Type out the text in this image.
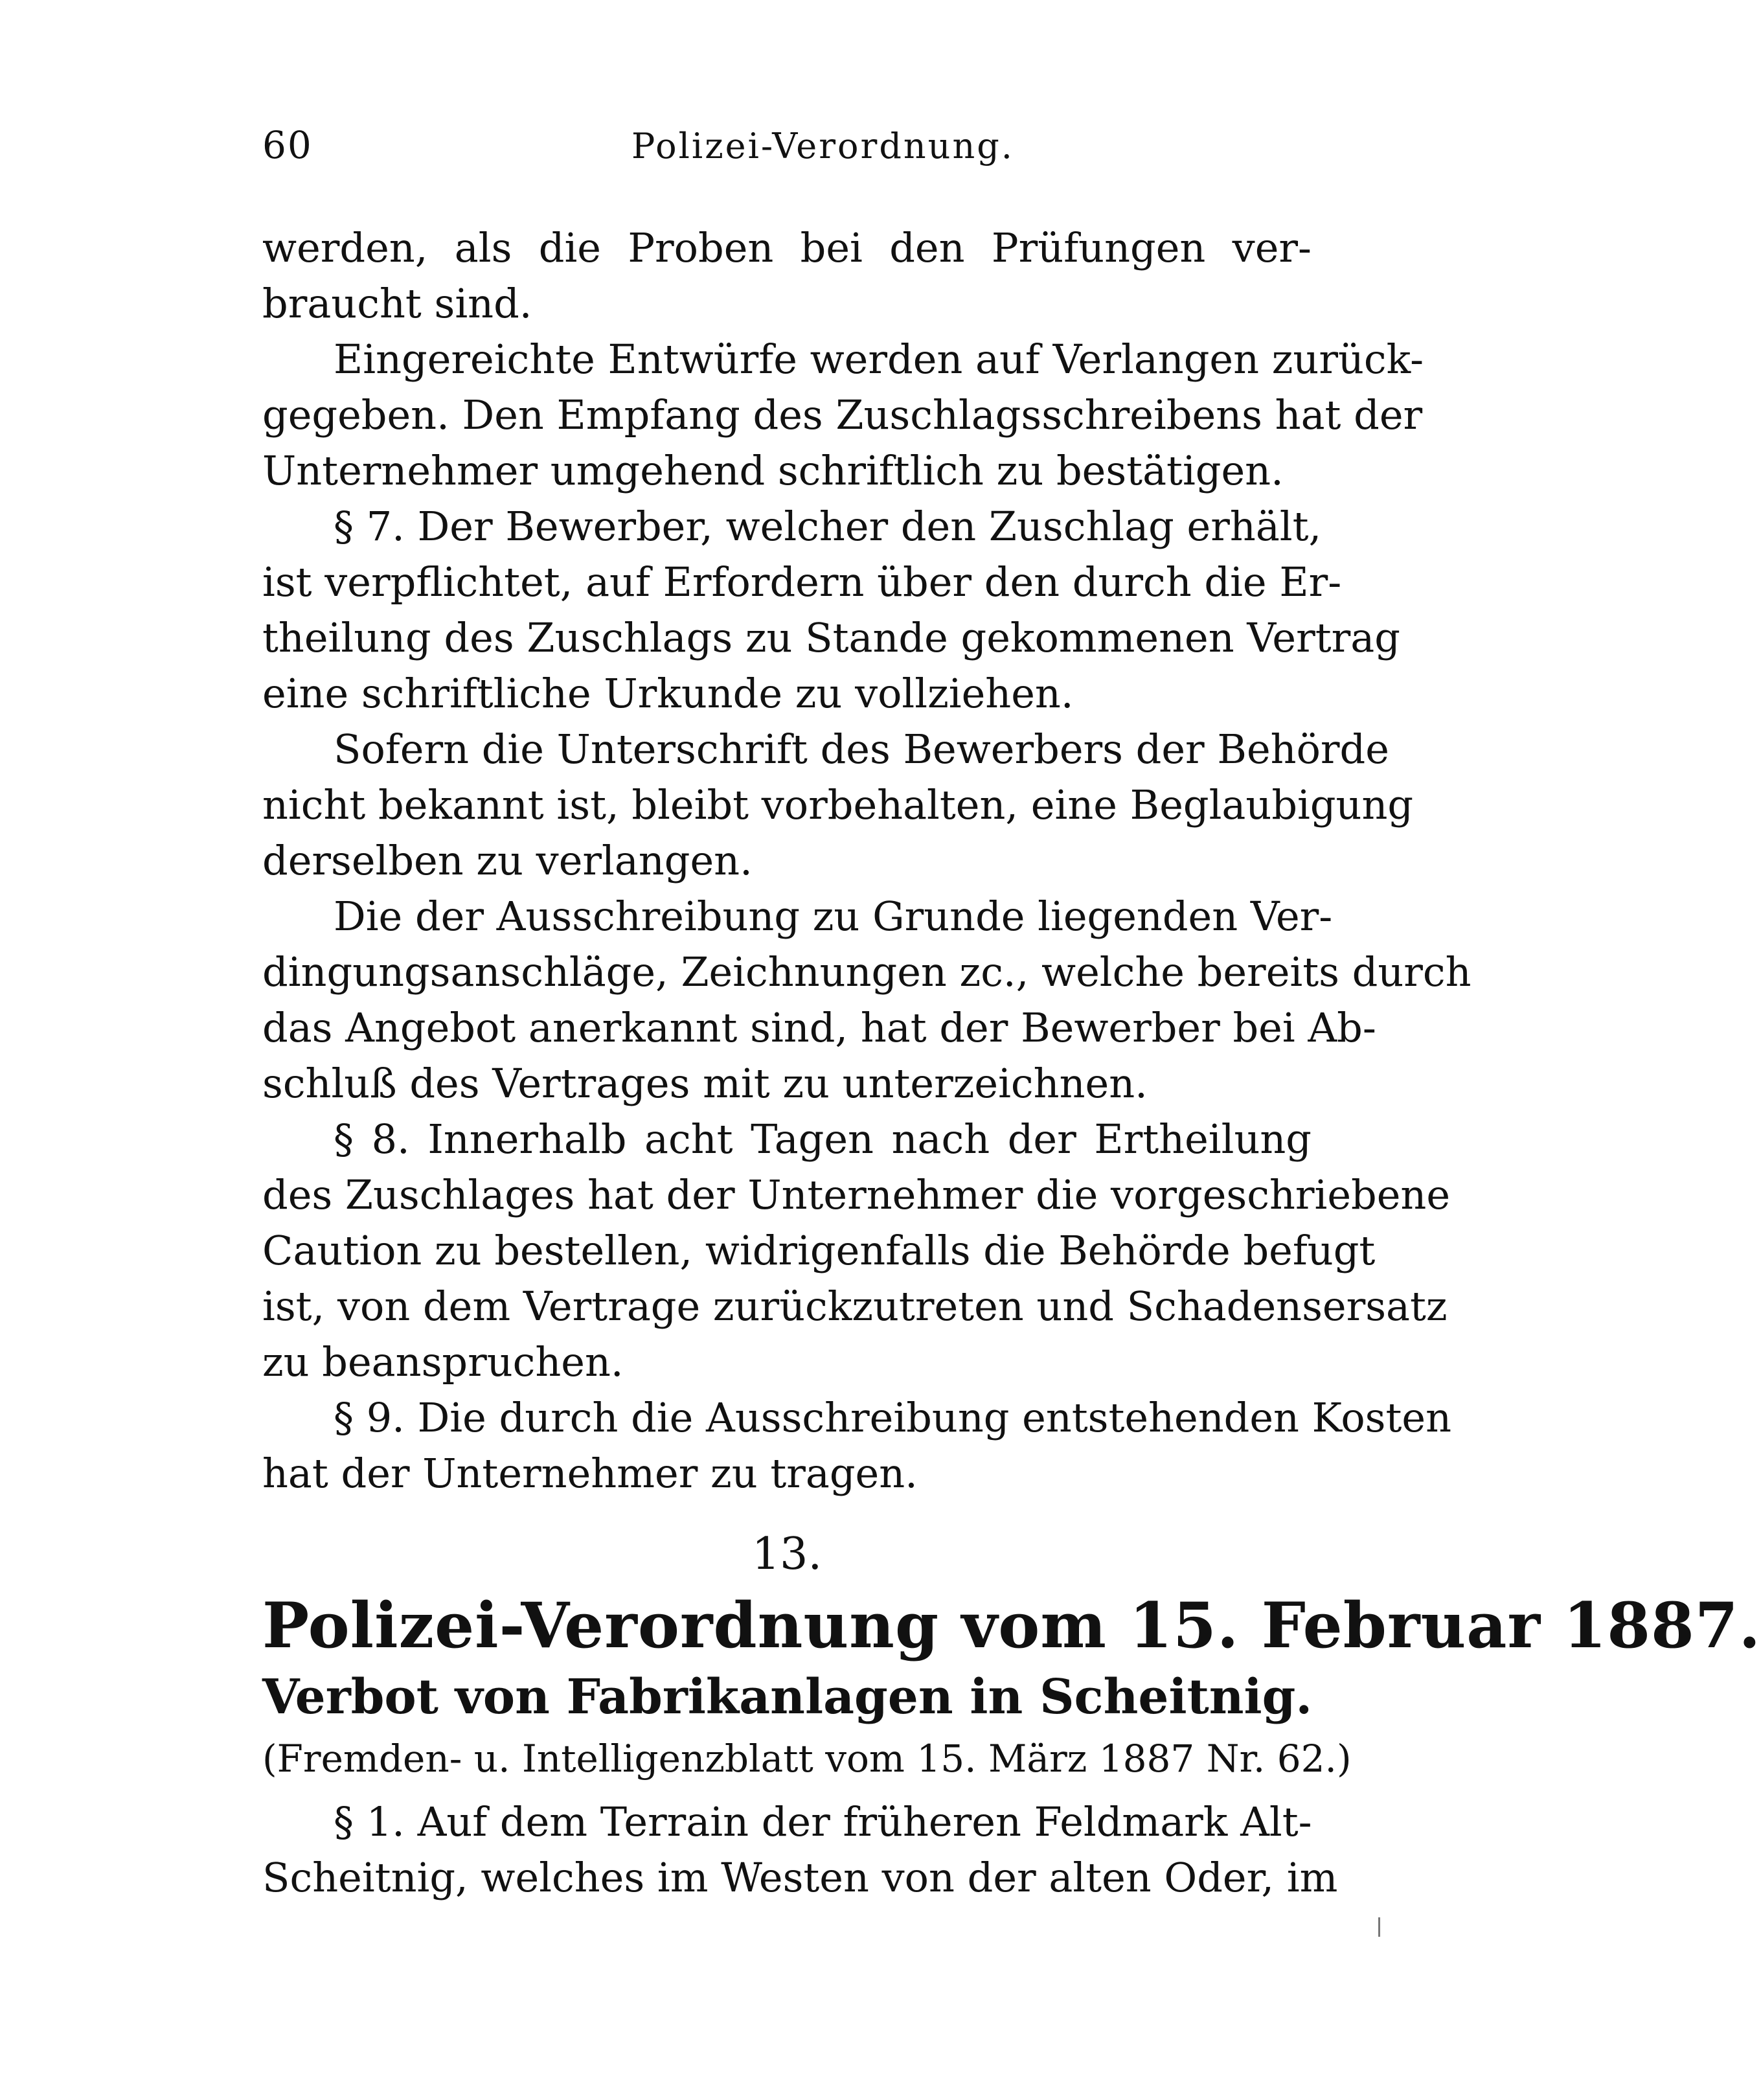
60	Polizei-Verordnung.
werden, als die Proben bei den Prüfungen ver-
braucht sind.
Eingereichte Entwürfe werden auf Verlangen zurück-
gegeben. Den Empfang des Zuschlagsschreibens hat der
Unternehmer umgehend schriftlich zu bestätigen.
§ 7. Der Bewerber, welcher den Zuschlag erhält,
ist verpflichtet, auf Erfordern über den durch die Er-
theilung des Zuschlags zu Stande gekommenen Vertrag
eine schriftliche Urkunde zu vollziehen.
Sofern die Unterschrift des Bewerbers der Behörde
nicht bekannt ist, bleibt vorbehalten, eine Beglaubigung
derselben zu verlangen.
Die der Ausschreibung zu Grunde liegenden Ver-
dingungsanschläge, Zeichnungen zc., welche bereits durch
das Angebot anerkannt sind, hat der Bewerber bei Ab-
schluß des Vertrages mit zu unterzeichnen.
§ 8. Innerhalb acht Tagen nach der Ertheilung
des Zuschlages hat der Unternehmer die vorgeschriebene
Caution zu bestellen, widrigenfalls die Behörde befugt
ist, von dem Vertrage zurückzutreten und Schadensersatz
zu beanspruchen.
§ 9. Die durch die Ausschreibung entstehenden Kosten
hat der Unternehmer zu tragen.
13.
Polizei-Verordnung vom 15. Februar 1887.
Verbot von Fabrikanlagen in Scheitnig.
(Fremden- u. Intelligenzblatt vom 15. März 1887 Nr. 62.)
§ 1. Auf dem Terrain der früheren Feldmark Alt-
Scheitnig, welches im Westen von der alten Oder, im
